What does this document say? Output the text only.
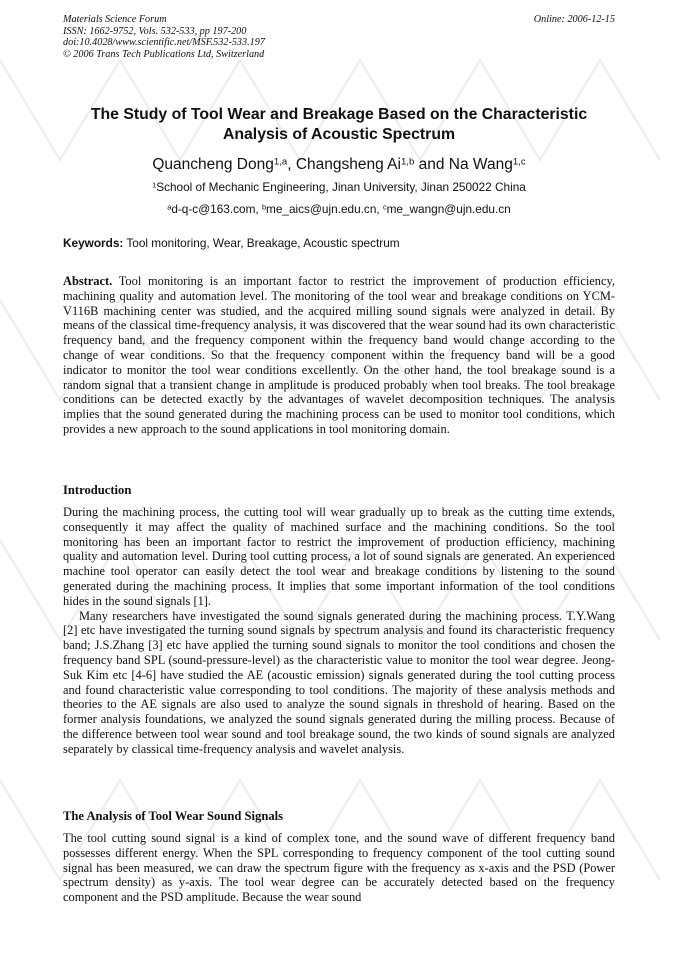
Materials Science Forum
ISSN: 1662-9752, Vols. 532-533, pp 197-200
doi:10.4028/www.scientific.net/MSF.532-533.197
© 2006 Trans Tech Publications Ltd, Switzerland
Online: 2006-12-15
The Study of Tool Wear and Breakage Based on the Characteristic
Analysis of Acoustic Spectrum
Quancheng Dong$^{1,a}$, Changsheng Ai$^{1,b}$ and Na Wang$^{1,c}$
$^1$School of Mechanic Engineering, Jinan University, Jinan 250022 China
$^a$d-q-c@163.com, $^b$me_aics@ujn.edu.cn, $^c$me_wangn@ujn.edu.cn
Keywords: Tool monitoring, Wear, Breakage, Acoustic spectrum

Abstract. Tool monitoring is an important factor to restrict the improvement of production efficiency, machining quality and automation level. The monitoring of the tool wear and breakage conditions on YCM-V116B machining center was studied, and the acquired milling sound signals were analyzed in detail. By means of the classical time-frequency analysis, it was discovered that the wear sound had its own characteristic frequency band, and the frequency component within the frequency band would change according to the change of wear conditions. So that the frequency component within the frequency band will be a good indicator to monitor the tool wear conditions excellently. On the other hand, the tool breakage sound is a random signal that a transient change in amplitude is produced probably when tool breaks. The tool breakage conditions can be detected exactly by the advantages of wavelet decomposition techniques. The analysis implies that the sound generated during the machining process can be used to monitor tool conditions, which provides a new approach to the sound applications in tool monitoring domain.

Introduction

During the machining process, the cutting tool will wear gradually up to break as the cutting time extends, consequently it may affect the quality of machined surface and the machining conditions. So the tool monitoring has been an important factor to restrict the improvement of production efficiency, machining quality and automation level. During tool cutting process, a lot of sound signals are generated. An experienced machine tool operator can easily detect the tool wear and breakage conditions by listening to the sound generated during the machining process. It implies that some important information of the tool conditions hides in the sound signals [1].

Many researchers have investigated the sound signals generated during the machining process. T.Y.Wang [2] etc have investigated the turning sound signals by spectrum analysis and found its characteristic frequency band; J.S.Zhang [3] etc have applied the turning sound signals to monitor the tool conditions and chosen the frequency band SPL (sound-pressure-level) as the characteristic value to monitor the tool wear degree. Jeong-Suk Kim etc [4-6] have studied the AE (acoustic emission) signals generated during the tool cutting process and found characteristic value corresponding to tool conditions. The majority of these analysis methods and theories to the AE signals are also used to analyze the sound signals in threshold of hearing. Based on the former analysis foundations, we analyzed the sound signals generated during the milling process. Because of the difference between tool wear sound and tool breakage sound, the two kinds of sound signals are analyzed separately by classical time-frequency analysis and wavelet analysis.

The Analysis of Tool Wear Sound Signals

The tool cutting sound signal is a kind of complex tone, and the sound wave of different frequency band possesses different energy. When the SPL corresponding to frequency component of the tool cutting sound signal has been measured, we can draw the spectrum figure with the frequency as x-axis and the PSD (Power spectrum density) as y-axis. The tool wear degree can be accurately detected based on the frequency component and the PSD amplitude. Because the wear sound
